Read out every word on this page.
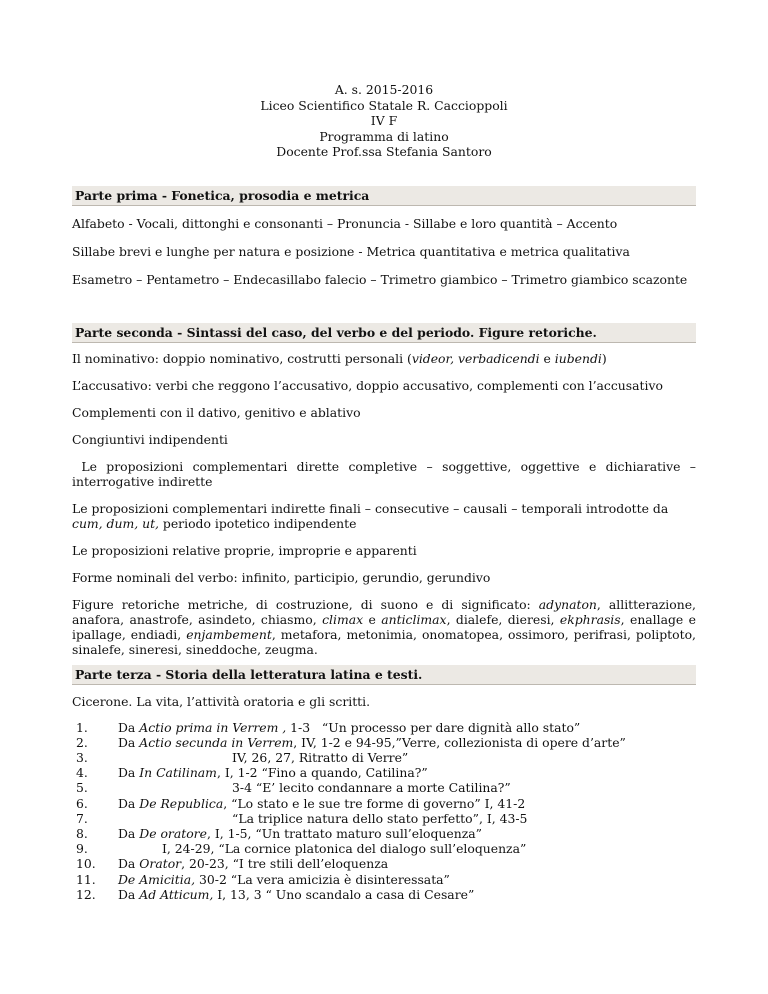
A. s. 2015-2016
Liceo Scientifico Statale R. Caccioppoli
IV F
Programma di latino
Docente Prof.ssa Stefania Santoro
Parte prima - Fonetica, prosodia e metrica

Alfabeto - Vocali, dittonghi e consonanti – Pronuncia - Sillabe e loro quantità – Accento

Sillabe brevi e lunghe per natura e posizione - Metrica quantitativa e metrica qualitativa

Esametro – Pentametro – Endecasillabo falecio – Trimetro giambico – Trimetro giambico scazonte

Parte seconda - Sintassi del caso, del verbo e del periodo. Figure retoriche.

Il nominativo: doppio nominativo, costrutti personali (videor, verbadicendi e iubendi)

L’accusativo: verbi che reggono l’accusativo, doppio accusativo, complementi con l’accusativo

Complementi con il dativo, genitivo e ablativo

Congiuntivi indipendenti

Le proposizioni complementari dirette completive – soggettive, oggettive e dichiarative –interrogative indirette

Le proposizioni complementari indirette finali – consecutive – causali – temporali introdotte da cum, dum, ut, periodo ipotetico indipendente

Le proposizioni relative proprie, improprie e apparenti

Forme nominali del verbo: infinito, participio, gerundio, gerundivo

Figure retoriche metriche, di costruzione, di suono e di significato: adynaton, allitterazione, anafora, anastrofe, asindeto, chiasmo, climax e anticlimax, dialefe, dieresi, ekphrasis, enallage e ipallage, endiadi, enjambement, metafora, metonimia, onomatopea, ossimoro, perifrasi, poliptoto, sinalefe, sineresi, sineddoche, zeugma.

Parte terza - Storia della letteratura latina e testi.

Cicerone. La vita, l’attività oratoria e gli scritti.

1.	Da Actio prima in Verrem , 1-3   “Un processo per dare dignità allo stato”
2.	Da Actio secunda in Verrem, IV, 1-2 e 94-95,”Verre, collezionista di opere d’arte”
3.	IV, 26, 27, Ritratto di Verre”
4.	Da In Catilinam, I, 1-2 “Fino a quando, Catilina?”
5.	3-4 “E’ lecito condannare a morte Catilina?”
6.	Da De Republica, “Lo stato e le sue tre forme di governo” I, 41-2
7.	“La triplice natura dello stato perfetto”, I, 43-5
8.	Da De oratore, I, 1-5, “Un trattato maturo sull’eloquenza”
9.	I, 24-29, “La cornice platonica del dialogo sull’eloquenza”
10.	Da Orator, 20-23, “I tre stili dell’eloquenza
11.	De Amicitia, 30-2 “La vera amicizia è disinteressata”
12.	Da Ad Atticum, I, 13, 3 “ Uno scandalo a casa di Cesare”
